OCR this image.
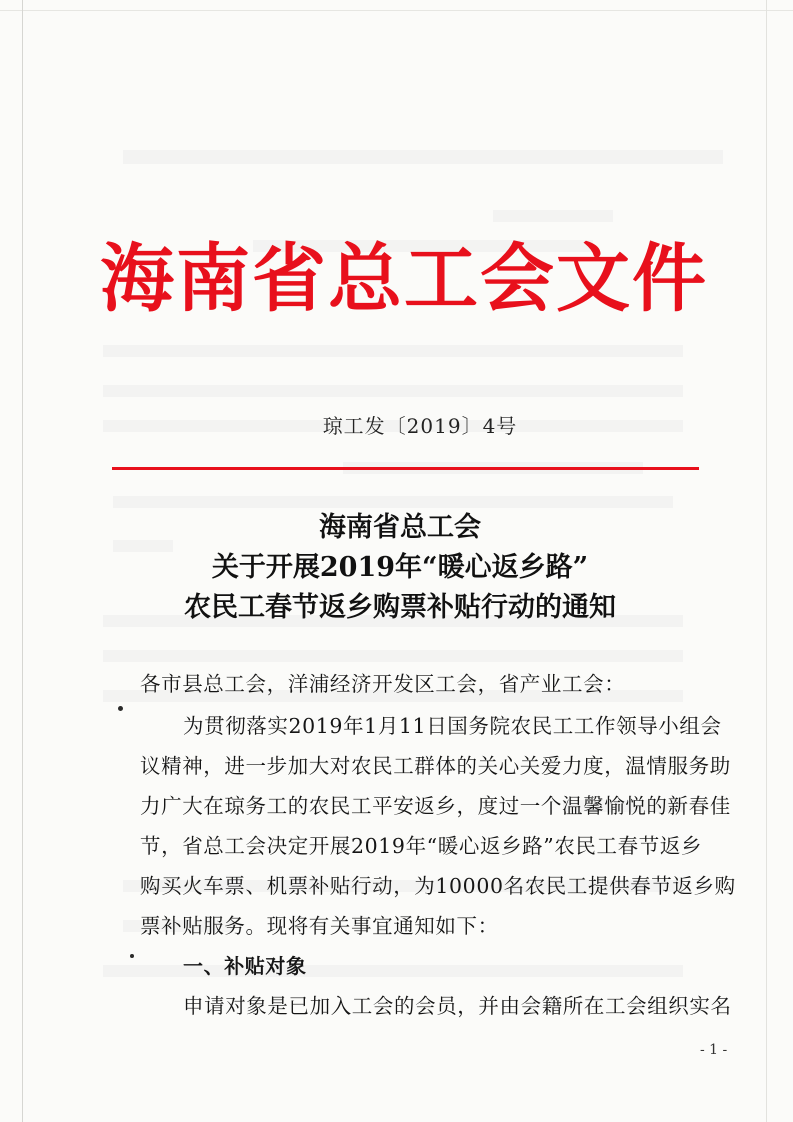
海南省总工会文件
琼工发〔2019〕4号
海南省总工会
关于开展2019年“暖心返乡路”
农民工春节返乡购票补贴行动的通知
各市县总工会，洋浦经济开发区工会，省产业工会：
为贯彻落实2019年1月11日国务院农民工工作领导小组会
议精神，进一步加大对农民工群体的关心关爱力度，温情服务助
力广大在琼务工的农民工平安返乡，度过一个温馨愉悦的新春佳
节，省总工会决定开展2019年“暖心返乡路”农民工春节返乡
购买火车票、机票补贴行动，为10000名农民工提供春节返乡购
票补贴服务。现将有关事宜通知如下：
一、补贴对象
申请对象是已加入工会的会员，并由会籍所在工会组织实名
- 1 -
